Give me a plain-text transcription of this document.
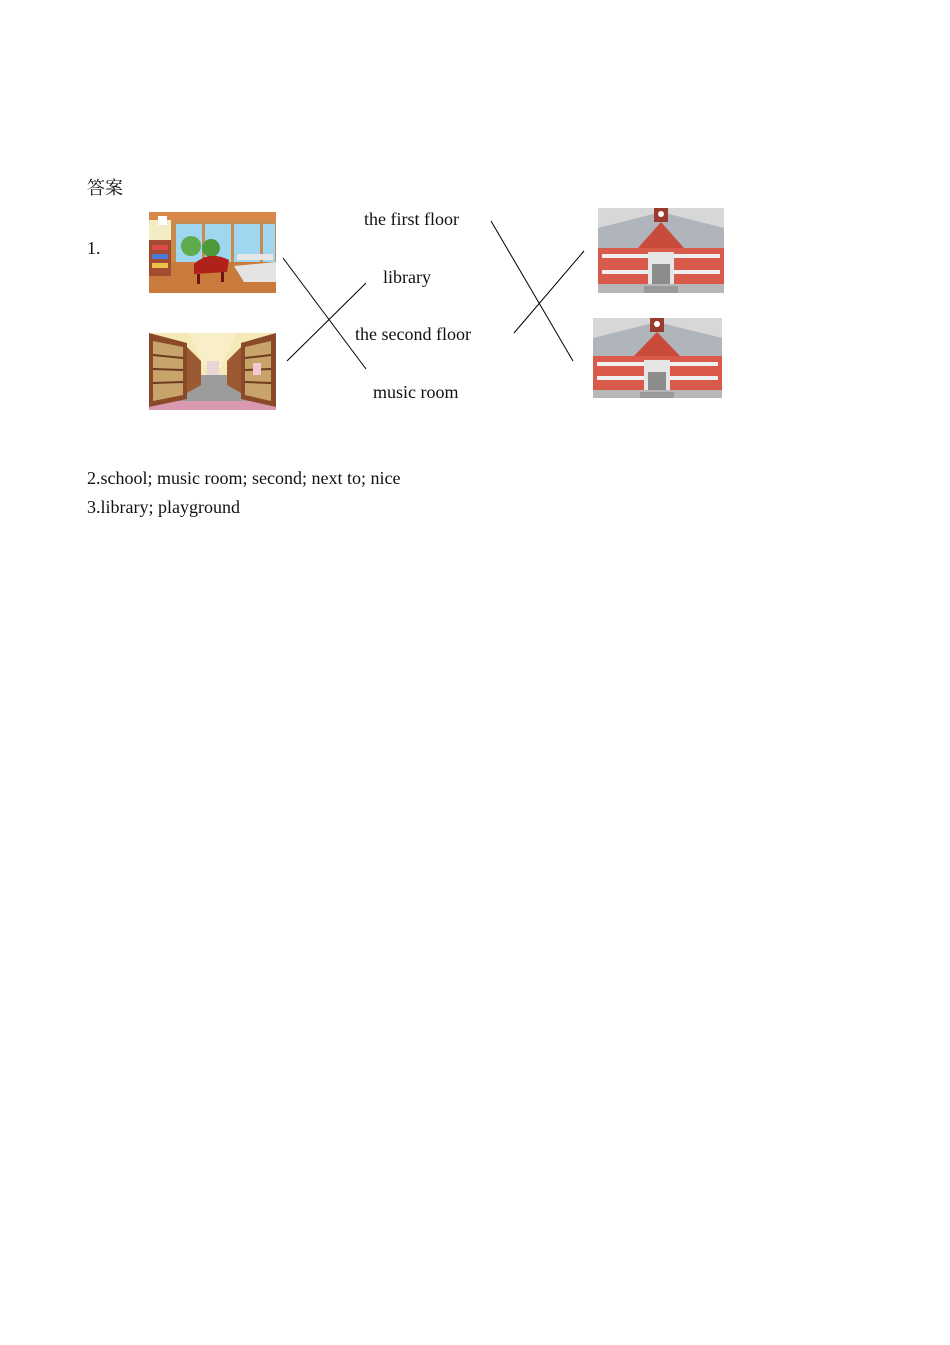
答案
1.
the first floor
library
the second floor
music room
2.school; music room; second; next to; nice
3.library; playground
